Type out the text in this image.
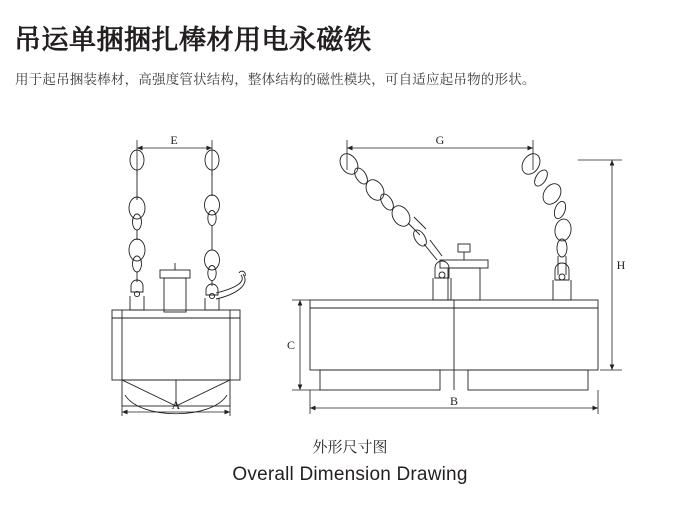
吊运单捆捆扎棒材用电永磁铁
用于起吊捆装棒材，高强度管状结构，整体结构的磁性模块，可自适应起吊物的形状。
E
A
G
H
C
B
外形尺寸图
Overall Dimension Drawing
